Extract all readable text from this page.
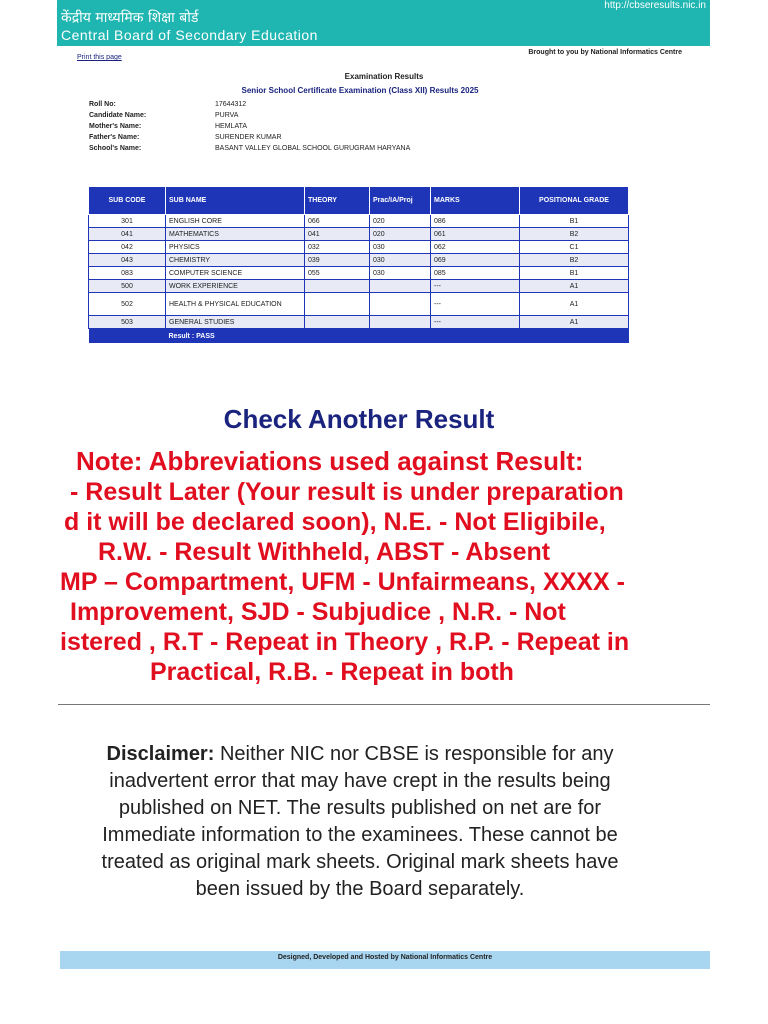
केंद्रीय माध्यमिक शिक्षा बोर्ड
Central Board of Secondary Education
http://cbseresults.nic.in
Print this page
Brought to you by National Informatics Centre
Examination Results
Senior School Certificate Examination (Class XII) Results 2025
Roll No:	17644312
Candidate Name:	PURVA
Mother's Name:	HEMLATA
Father's Name:	SURENDER KUMAR
School's Name:	BASANT VALLEY GLOBAL SCHOOL GURUGRAM HARYANA
SUB CODE	SUB NAME	THEORY	Prac/IA/Proj	MARKS	POSITIONAL GRADE
301	ENGLISH CORE	066	020	086	B1
041	MATHEMATICS	041	020	061	B2
042	PHYSICS	032	030	062	C1
043	CHEMISTRY	039	030	069	B2
083	COMPUTER SCIENCE	055	030	085	B1
500	WORK EXPERIENCE			---	A1
502	HEALTH & PHYSICAL EDUCATION			---	A1
503	GENERAL STUDIES			---	A1
	Result : PASS				
Check Another Result
Note: Abbreviations used against Result:
- Result Later (Your result is under preparation
d it will be declared soon), N.E. - Not Eligibile,
R.W. - Result Withheld, ABST - Absent
MP – Compartment, UFM - Unfairmeans, XXXX -
Improvement, SJD - Subjudice , N.R. - Not
istered , R.T - Repeat in Theory , R.P. - Repeat in
Practical, R.B. - Repeat in both
Disclaimer: Neither NIC nor CBSE is responsible for any inadvertent error that may have crept in the results being published on NET. The results published on net are for Immediate information to the examinees. These cannot be treated as original mark sheets. Original mark sheets have been issued by the Board separately.
Designed, Developed and Hosted by National Informatics Centre
